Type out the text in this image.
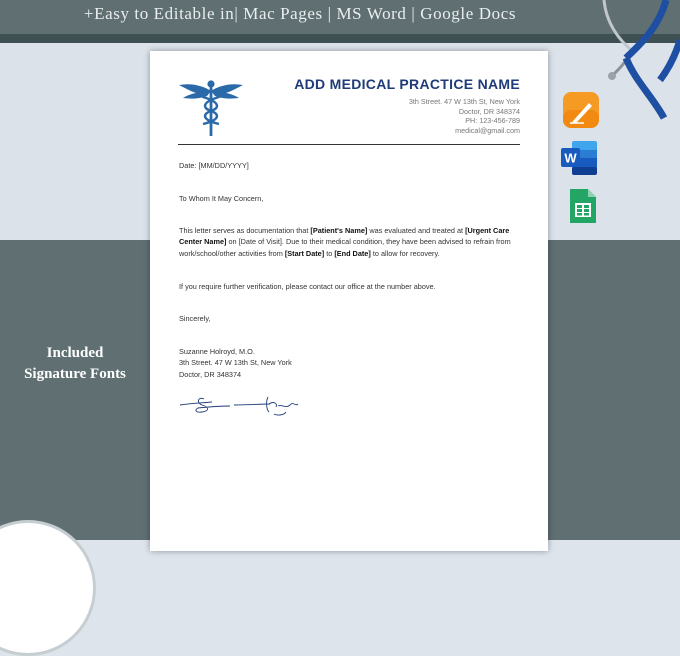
+Easy to Editable in| Mac Pages | MS Word | Google Docs
Included
Signature Fonts
ADD MEDICAL PRACTICE NAME
3th Street. 47 W 13th St, New York
Doctor, DR 348374
PH: 123-456-789
medical@gmail.com
Date: [MM/DD/YYYY]
To Whom It May Concern,
This letter serves as documentation that [Patient's Name] was evaluated and treated at [Urgent Care
Center Name] on [Date of Visit]. Due to their medical condition, they have been advised to refrain from
work/school/other activities from [Start Date] to [End Date] to allow for recovery.
If you require further verification, please contact our office at the number above.
Sincerely,
Suzanne Holroyd, M.O.
3th Street. 47 W 13th St, New York
Doctor, DR 348374
W
